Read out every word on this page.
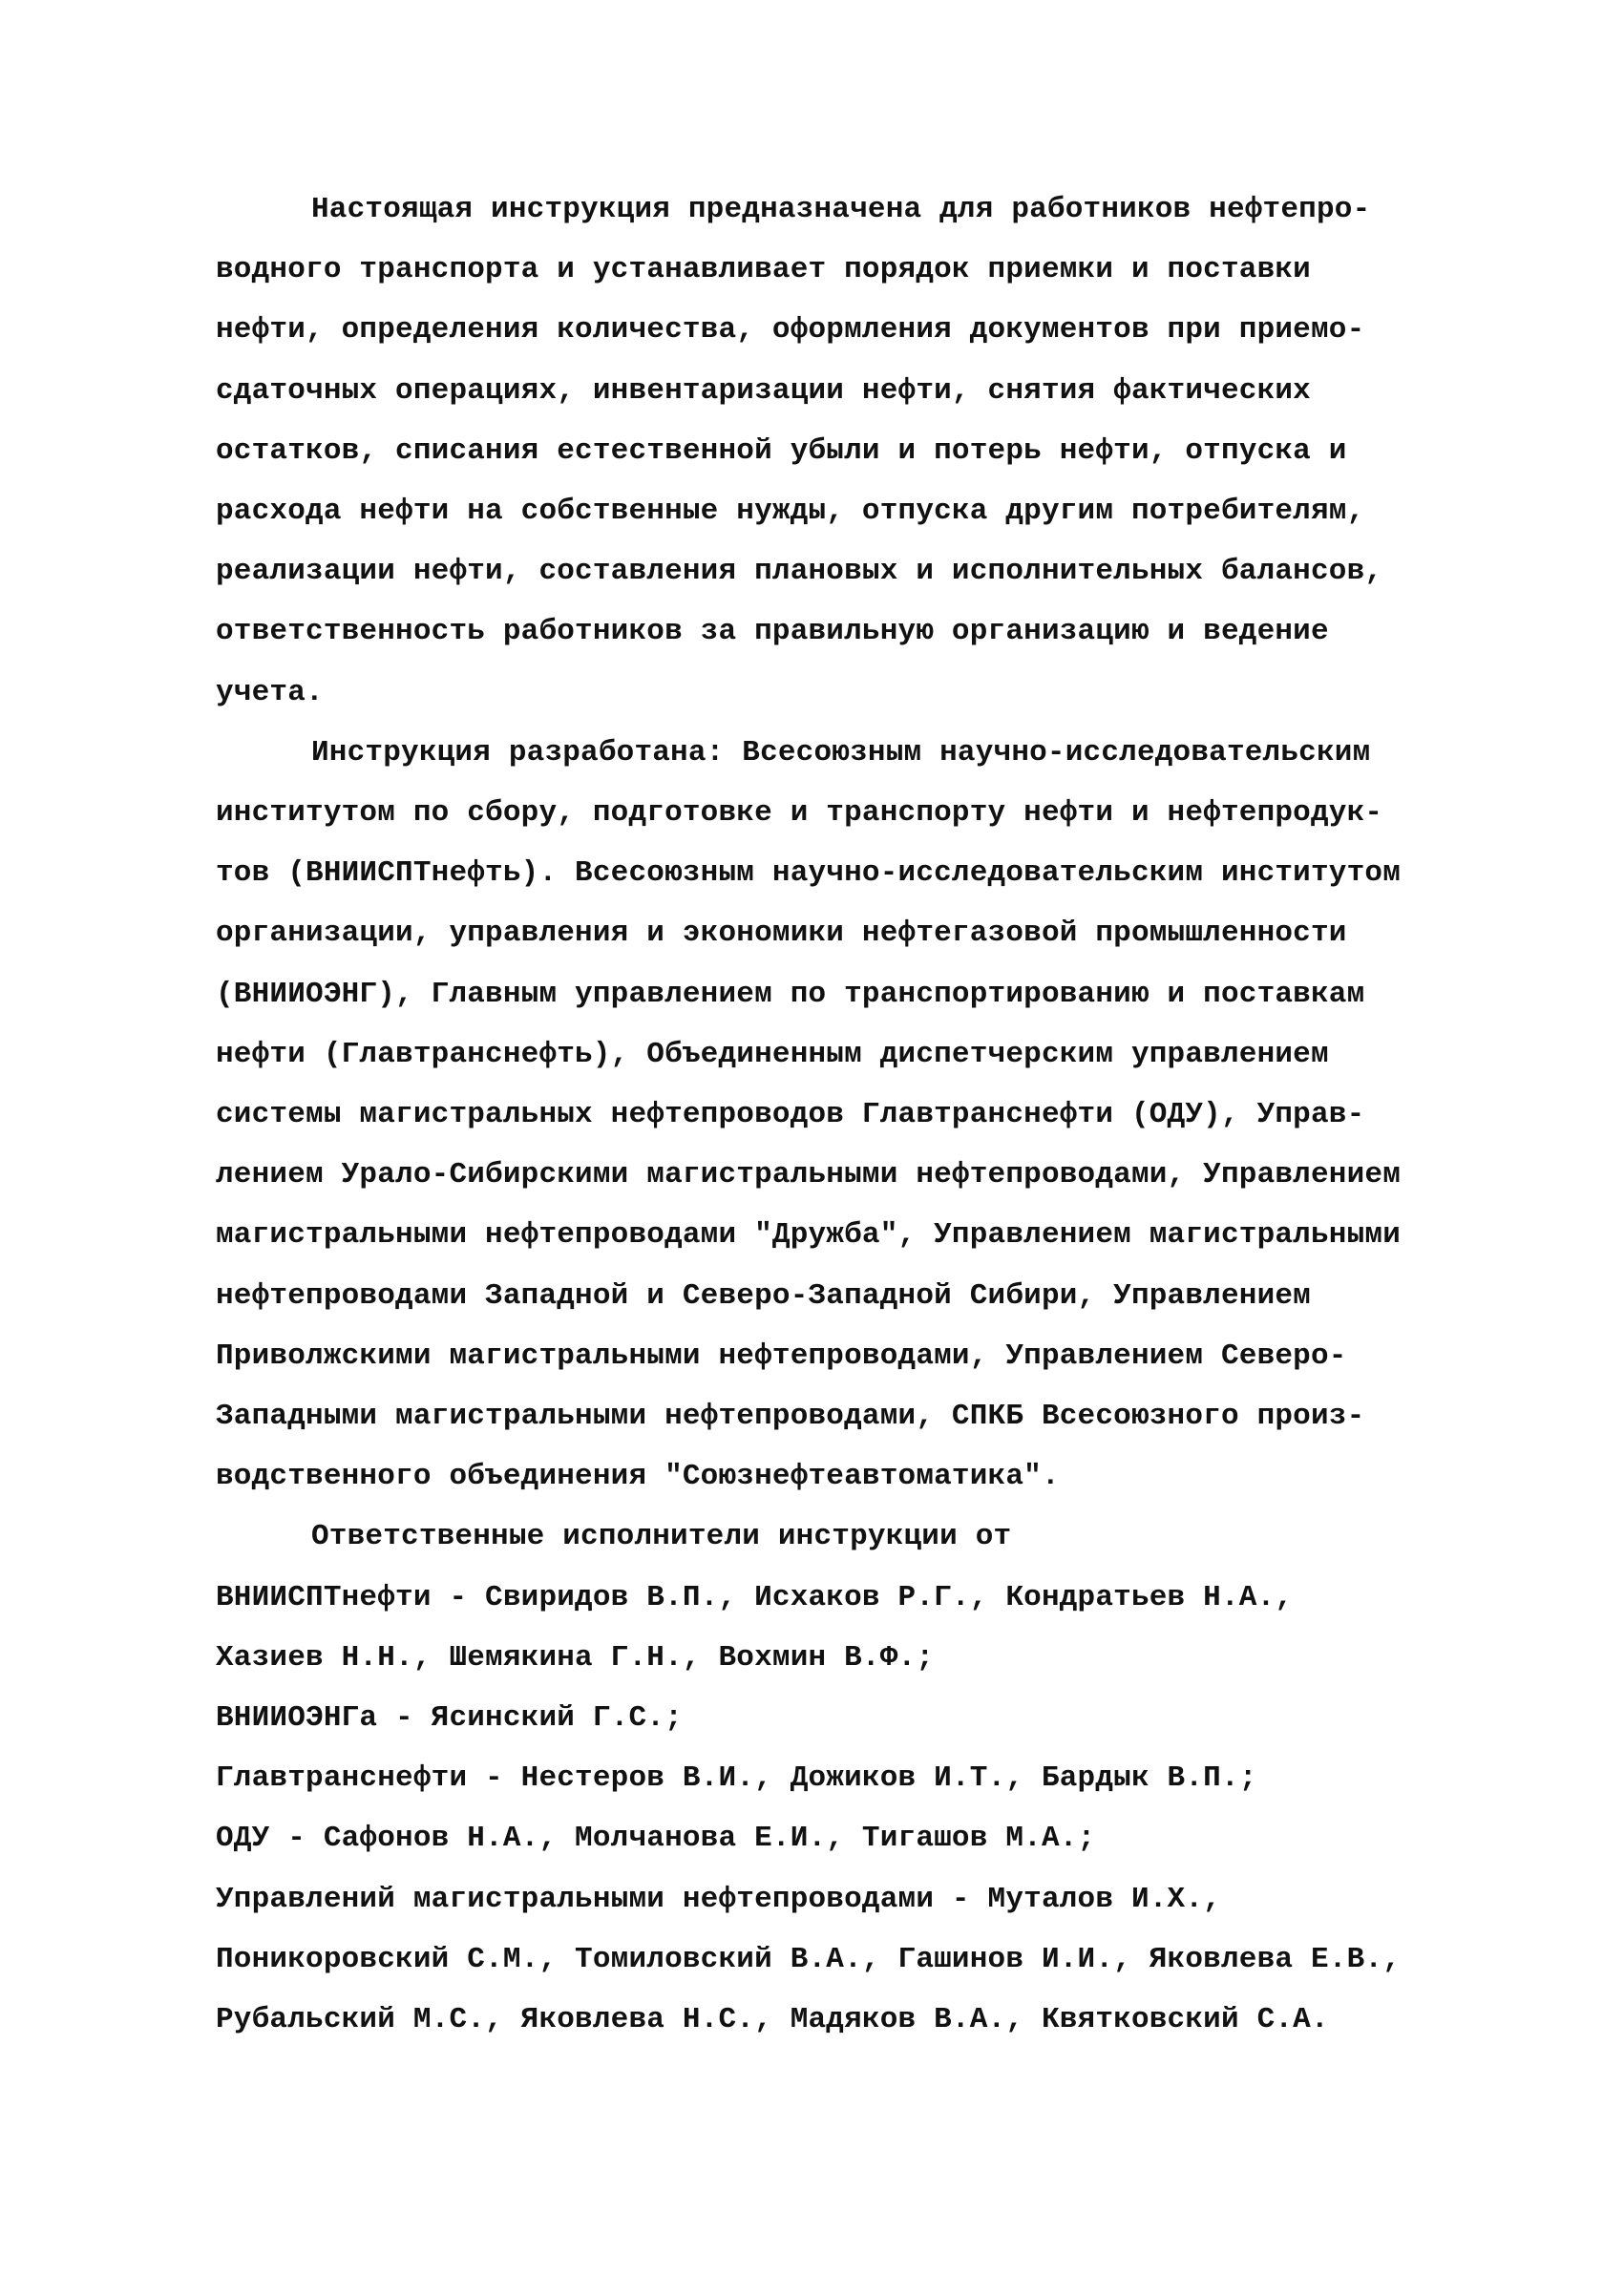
Настоящая инструкция предназначена для работников нефтепро-
водного транспорта и устанавливает порядок приемки и поставки
нефти, определения количества, оформления документов при приемо-
сдаточных операциях, инвентаризации нефти, снятия фактических
остатков, списания естественной убыли и потерь нефти, отпуска и
расхода нефти на собственные нужды, отпуска другим потребителям,
реализации нефти, составления плановых и исполнительных балансов,
ответственность работников за правильную организацию и ведение
учета.
Инструкция разработана: Всесоюзным научно-исследовательским
институтом по сбору, подготовке и транспорту нефти и нефтепродук-
тов (ВНИИСПТнефть). Всесоюзным научно-исследовательским институтом
организации, управления и экономики нефтегазовой промышленности
(ВНИИОЭНГ), Главным управлением по транспортированию и поставкам
нефти (Главтранснефть), Объединенным диспетчерским управлением
системы магистральных нефтепроводов Главтранснефти (ОДУ), Управ-
лением Урало-Сибирскими магистральными нефтепроводами, Управлением
магистральными нефтепроводами "Дружба", Управлением магистральными
нефтепроводами Западной и Северо-Западной Сибири, Управлением
Приволжскими магистральными нефтепроводами, Управлением Северо-
Западными магистральными нефтепроводами, СПКБ Всесоюзного произ-
водственного объединения "Союзнефтеавтоматика".
Ответственные исполнители инструкции от
ВНИИСПТнефти - Свиридов В.П., Исхаков Р.Г., Кондратьев Н.А.,
Хазиев Н.Н., Шемякина Г.Н., Вохмин В.Ф.;
ВНИИОЭНГа - Ясинский Г.С.;
Главтранснефти - Нестеров В.И., Дожиков И.Т., Бардык В.П.;
ОДУ - Сафонов Н.А., Молчанова Е.И., Тигашов М.А.;
Управлений магистральными нефтепроводами - Муталов И.Х.,
Поникоровский С.М., Томиловский В.А., Гашинов И.И., Яковлева Е.В.,
Рубальский М.С., Яковлева Н.С., Мадяков В.А., Квятковский С.А.
